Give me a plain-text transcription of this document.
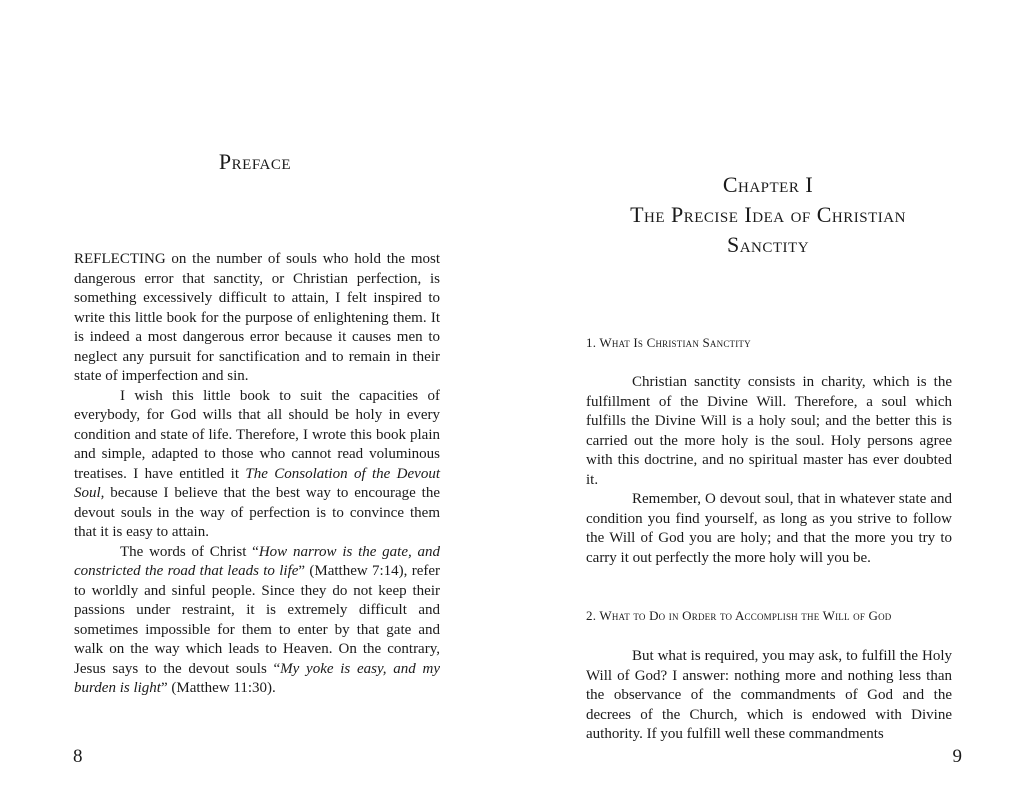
Preface

REFLECTING on the number of souls who hold the most dangerous error that sanctity, or Christian perfection, is something excessively difficult to attain, I felt inspired to write this little book for the purpose of enlightening them. It is indeed a most dangerous error because it causes men to neglect any pursuit for sanctification and to remain in their state of imperfection and sin.

I wish this little book to suit the capacities of everybody, for God wills that all should be holy in every condition and state of life. Therefore, I wrote this book plain and simple, adapted to those who cannot read voluminous treatises. I have entitled it The Consolation of the Devout Soul, because I believe that the best way to encourage the devout souls in the way of perfection is to convince them that it is easy to attain.

The words of Christ “How narrow is the gate, and constricted the road that leads to life” (Matthew 7:14), refer to worldly and sinful people. Since they do not keep their passions under restraint, it is extremely difficult and sometimes impossible for them to enter by that gate and walk on the way which leads to Heaven. On the contrary, Jesus says to the devout souls “My yoke is easy, and my burden is light” (Matthew 11:30).

8
Chapter I
The Precise Idea of Christian
Sanctity
1. What Is Christian Sanctity

Christian sanctity consists in charity, which is the fulfillment of the Divine Will. Therefore, a soul which fulfills the Divine Will is a holy soul; and the better this is carried out the more holy is the soul. Holy persons agree with this doctrine, and no spiritual master has ever doubted it.

Remember, O devout soul, that in whatever state and condition you find yourself, as long as you strive to follow the Will of God you are holy; and that the more you try to carry it out perfectly the more holy will you be.

2. What to Do in Order to Accomplish the Will of God

But what is required, you may ask, to fulfill the Holy Will of God? I answer: nothing more and nothing less than the observance of the commandments of God and the decrees of the Church, which is endowed with Divine authority. If you fulfill well these commandments

9
